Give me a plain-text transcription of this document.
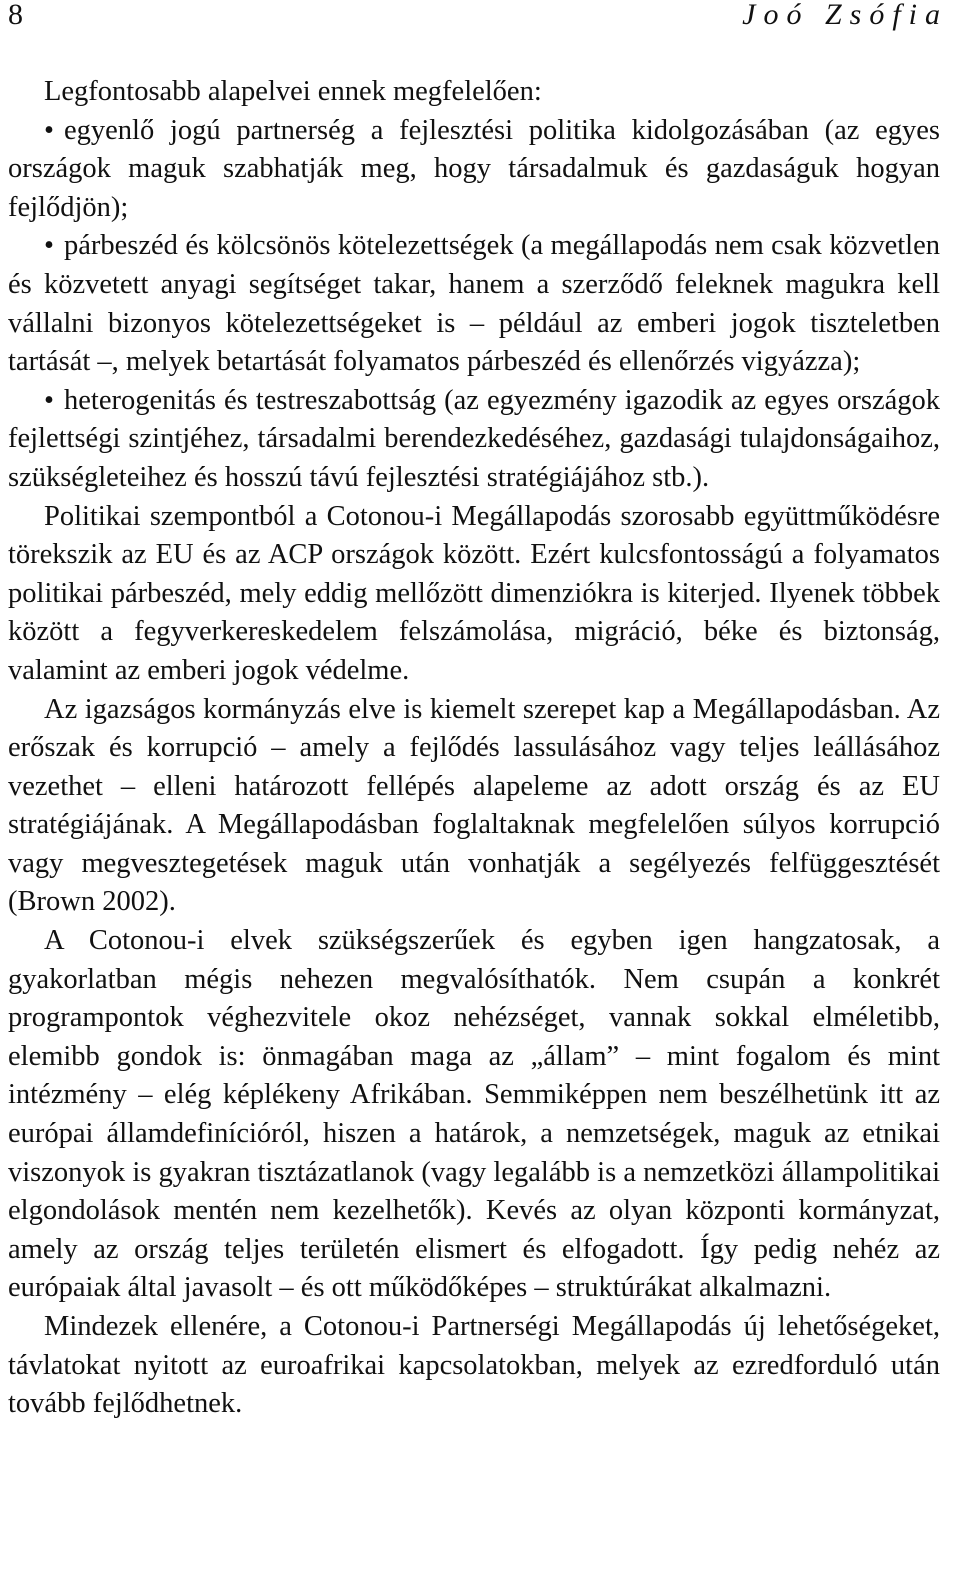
8	Joó Zsófia

Legfontosabb alapelvei ennek megfelelően:

• egyenlő jogú partnerség a fejlesztési politika kidolgozásában (az egyes országok maguk szabhatják meg, hogy társadalmuk és gazdaságuk hogyan fejlődjön);

• párbeszéd és kölcsönös kötelezettségek (a megállapodás nem csak közvetlen és közvetett anyagi segítséget takar, hanem a szerződő feleknek magukra kell vállalni bizonyos kötelezettségeket is – például az emberi jogok tiszteletben tartását –, melyek betartását folyamatos párbeszéd és ellenőrzés vigyázza);

• heterogenitás és testreszabottság (az egyezmény igazodik az egyes országok fejlettségi szintjéhez, társadalmi berendezkedéséhez, gazdasági tulajdonságaihoz, szükségleteihez és hosszú távú fejlesztési stratégiájához stb.).

Politikai szempontból a Cotonou-i Megállapodás szorosabb együttműködésre törekszik az EU és az ACP országok között. Ezért kulcsfontosságú a folyamatos politikai párbeszéd, mely eddig mellőzött dimenziókra is kiterjed. Ilyenek többek között a fegyverkereskedelem felszámolása, migráció, béke és biztonság, valamint az emberi jogok védelme.

Az igazságos kormányzás elve is kiemelt szerepet kap a Megállapodásban. Az erőszak és korrupció – amely a fejlődés lassulásához vagy teljes leállásához vezethet – elleni határozott fellépés alapeleme az adott ország és az EU stratégiájának. A Megállapodásban foglaltaknak megfelelően súlyos korrupció vagy megvesztegetések maguk után vonhatják a segélyezés felfüggesztését (Brown 2002).

A Cotonou-i elvek szükségszerűek és egyben igen hangzatosak, a gyakorlatban mégis nehezen megvalósíthatók. Nem csupán a konkrét programpontok véghezvitele okoz nehézséget, vannak sokkal elméletibb, elemibb gondok is: önmagában maga az „állam” – mint fogalom és mint intézmény – elég képlékeny Afrikában. Semmiképpen nem beszélhetünk itt az európai államdefinícióról, hiszen a határok, a nemzetségek, maguk az etnikai viszonyok is gyakran tisztázatlanok (vagy legalább is a nemzetközi állampolitikai elgondolások mentén nem kezelhetők). Kevés az olyan központi kormányzat, amely az ország teljes területén elismert és elfogadott. Így pedig nehéz az európaiak által javasolt – és ott működőképes – struktúrákat alkalmazni.

Mindezek ellenére, a Cotonou-i Partnerségi Megállapodás új lehetőségeket, távlatokat nyitott az euroafrikai kapcsolatokban, melyek az ezredforduló után tovább fejlődhetnek.
